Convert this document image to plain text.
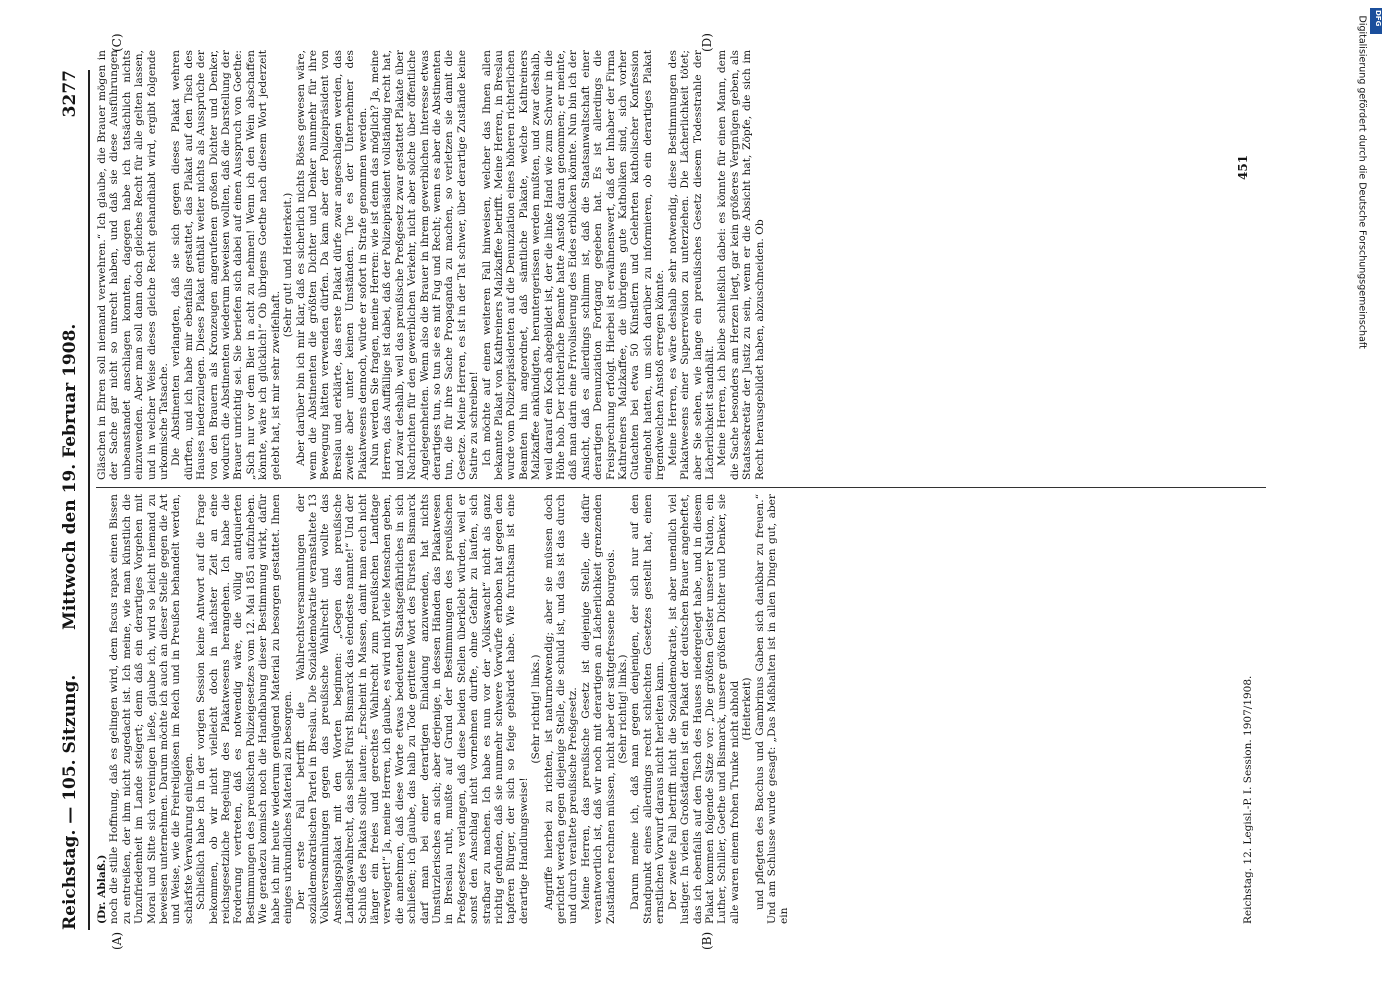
Reichstag. — 105. Sitzung.
Mittwoch den 19. Februar 1908.
3277
(A)	(B)
(C)	(D)

(Dr. Ablaß.) noch die stille Hoffnung, daß es gelingen wird, dem fiscus rapax einen Bissen zu entreißen, der ihm nicht zugedacht ist. Ich meine, wie man künstlich die Unzufriedenheit im Lande steigert; denn daß ein derartiges Vorgehen mit Moral und Sitte sich vereinigen ließe, glaube ich, wird so leicht niemand zu beweisen unternehmen. Darum möchte ich auch an dieser Stelle gegen die Art und Weise, wie die Freireligiösen im Reich und in Preußen behandelt werden, schärfste Verwahrung einlegen. Schließlich habe ich in der vorigen Session keine Antwort auf die Frage bekommen, ob wir nicht vielleicht doch in nächster Zeit an eine reichsgesetzliche Regelung des Plakatwesens herangehen. Ich habe die Forderung vertreten, daß es notwendig wäre, die völlig antiquierten Bestimmungen des preußischen Polizeigesetzes vom 12. Mai 1851 aufzuheben. Wie geradezu komisch noch die Handhabung dieser Bestimmung wirkt, dafür habe ich mir heute wiederum genügend Material zu besorgen gestattet. Ihnen einiges urkundliches Material zu besorgen. Der erste Fall betrifft die Wahlrechtsversammlungen der sozialdemokratischen Partei in Breslau. Die Sozialdemokratie veranstaltete 13 Volksversammlungen gegen das preußische Wahlrecht und wollte das Anschlagsplakat mit den Worten beginnen: „Gegen das preußische Landtagswahlrecht, das selbst Fürst Bismarck das elendeste nannte!“ Und der Schluß des Plakats sollte lauten: „Erscheint in Massen, damit man euch nicht länger ein freies und gerechtes Wahlrecht zum preußischen Landtage verweigert!“ Ja, meine Herren, ich glaube, es wird nicht viele Menschen geben, die annehmen, daß diese Worte etwas bedeutend Staatsgefährliches in sich schließen; ich glaube, das halb zu Tode gerittene Wort des Fürsten Bismarck darf man bei einer derartigen Einladung anzuwenden, hat nichts Umstürzlerisches an sich; aber derjenige, in dessen Händen das Plakatwesen in Breslau ruht, mußte auf Grund der Bestimmungen des preußischen Preßgesetzes verlangen, daß diese beiden Stellen überklebt würden, weil er sonst den Anschlag nicht vornehmen durfte, ohne Gefahr zu laufen, sich strafbar zu machen. Ich habe es nun vor der „Volkswacht“ nicht als ganz richtig gefunden, daß sie nunmehr schwere Vorwürfe erhoben hat gegen den tapferen Bürger, der sich so feige gebärdet habe. Wie furchtsam ist eine derartige Handlungsweise!

(Sehr richtig! links.) Angriffe hierbei zu richten, ist naturnotwendig; aber sie müssen doch gerichtet werden gegen diejenige Stelle, die schuld ist, und das ist das durch und durch veraltete preußische Preßgesetz. Meine Herren, das preußische Gesetz ist diejenige Stelle, die dafür verantwortlich ist, daß wir noch mit derartigen an Lächerlichkeit grenzenden Zuständen rechnen müssen, nicht aber der sattgefressene Bourgeois. (Sehr richtig! links.) Darum meine ich, daß man gegen denjenigen, der sich nur auf den Standpunkt eines allerdings recht schlechten Gesetzes gestellt hat, einen ernstlichen Vorwurf daraus nicht herleiten kann. Der zweite Fall betrifft nicht die Sozialdemokratie, ist aber unendlich viel lustiger. In vielen Großstädten ist ein Plakat der deutschen Brauer angeheftet, das ich ebenfalls auf den Tisch des Hauses niedergelegt habe, und in diesem Plakat kommen folgende Sätze vor: „Die größten Geister unserer Nation, ein Luther, Schiller, Goethe und Bismarck, unsere größten Dichter und Denker, sie alle waren einem frohen Trunke nicht abhold (Heiterkeit) und pflegten des Bacchus und Gambrinus Gaben sich dankbar zu freuen.“ Und am Schlusse wurde gesagt: „Das Maßhalten ist in allen Dingen gut, aber ein

Gläschen in Ehren soll niemand verwehren.“ Ich glaube, die Brauer mögen in der Sache gar nicht so unrecht haben, und daß sie diese Ausführungen unbeanstandet anschlagen konnten, dagegen habe ich tatsächlich nichts einzuwenden. Aber man soll dann doch gleiches Recht für alle gelten lassen, und in welcher Weise dieses gleiche Recht gehandhabt wird, ergibt folgende urkomische Tatsache. Die Abstinenten verlangten, daß sie sich gegen dieses Plakat wehren dürften, und ich habe mir ebenfalls gestattet, das Plakat auf den Tisch des Hauses niederzulegen. Dieses Plakat enthält weiter nichts als Aussprüche der von den Brauern als Kronzeugen angerufenen großen Dichter und Denker, wodurch die Abstinenten wiederum beweisen wollten, daß die Darstellung der Brauer unrichtig sei. Sie beriefen sich dabei auf einen Ausspruch von Goethe: „Sich nur vor dem Bier in acht zu nehmen! Wenn ich den Wein abschaffen könnte, wäre ich glücklich!“ Ob übrigens Goethe nach diesem Wort jederzeit gelebt hat, ist mir sehr zweifelhaft.

(Sehr gut! und Heiterkeit.) Aber darüber bin ich mir klar, daß es sicherlich nichts Böses gewesen wäre, wenn die Abstinenten die größten Dichter und Denker nunmehr für ihre Bewegung hätten verwenden dürfen. Da kam aber der Polizeipräsident von Breslau und erklärte, das erste Plakat dürfe zwar angeschlagen werden, das zweite aber unter keinen Umständen. Tue es der Unternehmer des Plakatwesens dennoch, würde er sofort in Strafe genommen werden. Nun werden Sie fragen, meine Herren: wie ist denn das möglich? Ja, meine Herren, das Auffällige ist dabei, daß der Polizeipräsident vollständig recht hat, und zwar deshalb, weil das preußische Preßgesetz zwar gestattet Plakate über Nachrichten für den gewerblichen Verkehr, nicht aber solche über öffentliche Angelegenheiten. Wenn also die Brauer in ihrem gewerblichen Interesse etwas derartiges tun, so tun sie es mit Fug und Recht; wenn es aber die Abstinenten tun, die für ihre Sache Propaganda zu machen, so verletzen sie damit die Gesetze. Meine Herren, es ist in der Tat schwer, über derartige Zustände keine Satire zu schreiben! Ich möchte auf einen weiteren Fall hinweisen, welcher das Ihnen allen bekannte Plakat von Kathreiners Malzkaffee betrifft. Meine Herren, in Breslau wurde vom Polizeipräsidenten auf die Denunziation eines höheren richterlichen Beamten hin angeordnet, daß sämtliche Plakate, welche Kathreiners Malzkaffee ankündigten, heruntergerissen werden mußten, und zwar deshalb, weil darauf ein Koch abgebildet ist, der die linke Hand wie zum Schwur in die Höhe hob. Der richterliche Beamte hatte Anstoß daran genommen; er meinte, daß man darin eine Frivolisierung des Eides erblicken könnte. Nun bin ich der Ansicht, daß es allerdings schlimm ist, daß die Staatsanwaltschaft einer derartigen Denunziation Fortgang gegeben hat. Es ist allerdings die Freisprechung erfolgt. Hierbei ist erwähnenswert, daß der Inhaber der Firma Kathreiners Malzkaffee, die übrigens gute Katholiken sind, sich vorher Gutachten bei etwa 50 Künstlern und Gelehrten katholischer Konfession eingeholt hatten, um sich darüber zu informieren, ob ein derartiges Plakat irgendwelchen Anstoß erregen könnte. Meine Herren, es wäre deshalb sehr notwendig, diese Bestimmungen des Plakatwesens einer Superrevision zu unterziehen. Die Lächerlichkeit tötet; aber Sie sehen, wie lange ein preußisches Gesetz diesem Todesstrahle der Lächerlichkeit standhält. Meine Herren, ich bleibe schließlich dabei: es könnte für einen Mann, dem die Sache besonders am Herzen liegt, gar kein größeres Vergnügen geben, als Staatssekretär der Justiz zu sein, wenn er die Absicht hat, Zöpfe, die sich im Recht herausgebildet haben, abzuschneiden. Ob

Reichstag. 12. Legisl.-P. I. Session. 1907/1908.
451	Digitalisierung gefördert durch die Deutsche Forschungsgemeinschaft DFG
